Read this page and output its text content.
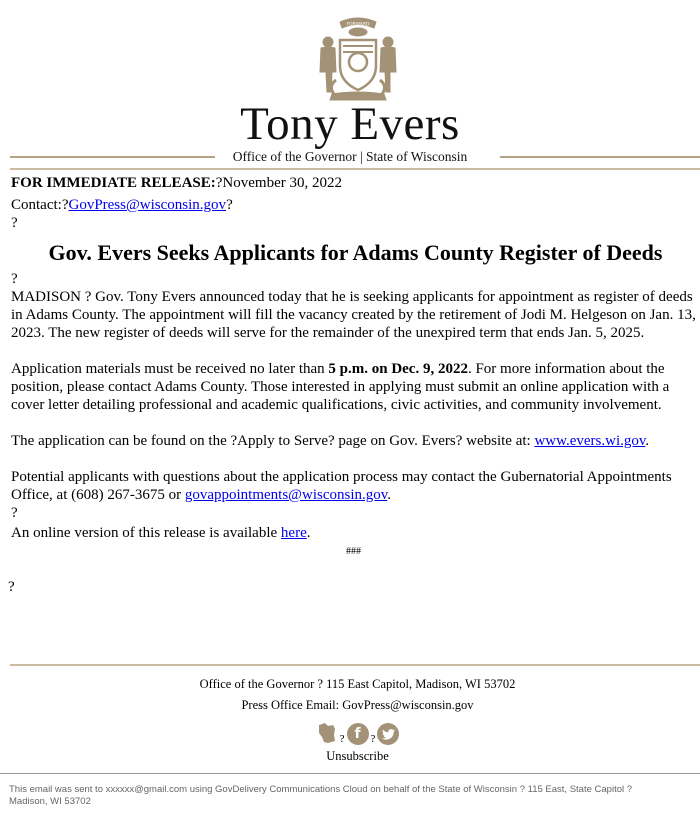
FORWARD
Tony Evers
Office of the Governor | State of Wisconsin

FOR IMMEDIATE RELEASE:?November 30, 2022

Contact:?GovPress@wisconsin.gov?

?

Gov. Evers Seeks Applicants for Adams County Register of Deeds

?

MADISON ? Gov. Tony Evers announced today that he is seeking applicants for appointment as register of deeds in Adams County. The appointment will fill the vacancy created by the retirement of Jodi M. Helgeson on Jan. 13, 2023. The new register of deeds will serve for the remainder of the unexpired term that ends Jan. 5, 2025.

Application materials must be received no later than 5 p.m. on Dec. 9, 2022. For more information about the position, please contact Adams County. Those interested in applying must submit an online application with a cover letter detailing professional and academic qualifications, civic activities, and community involvement.

The application can be found on the ?Apply to Serve? page on Gov. Evers? website at: www.evers.wi.gov.

Potential applicants with questions about the application process may contact the Gubernatorial Appointments Office, at (608) 267-3675 or govappointments@wisconsin.gov.

?

An online version of this release is available here.

###

?

Office of the Governor ? 115 East Capitol, Madison, WI 53702
Press Office Email: GovPress@wisconsin.gov
? f ?
Unsubscribe
This email was sent to xxxxxx@gmail.com using GovDelivery Communications Cloud on behalf of the State of Wisconsin ? 115 East, State Capitol ? Madison, WI 53702
